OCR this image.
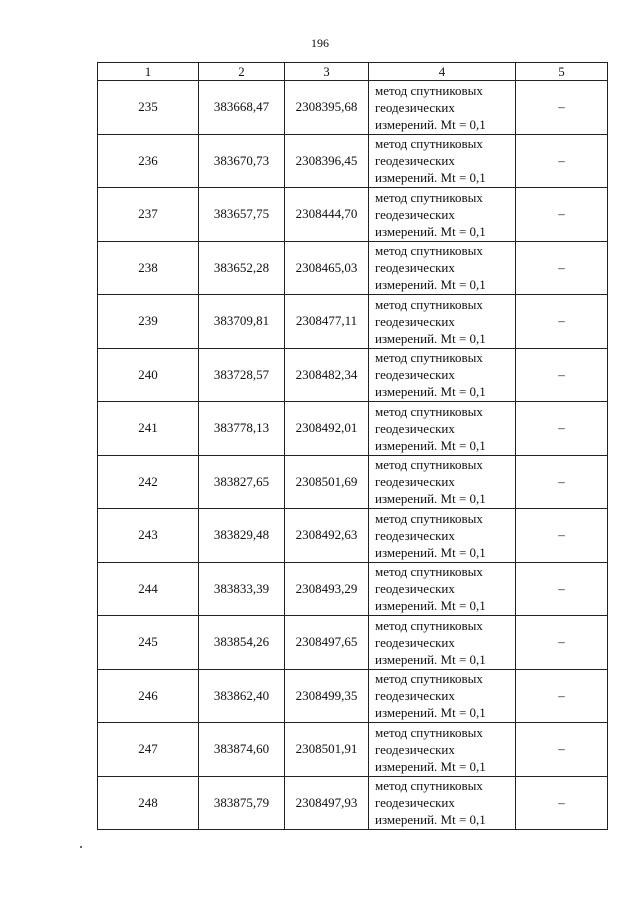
196
1	2	3	4	5
235	383668,47	2308395,68	метод спутниковых
геодезических
измерений. Mt = 0,1	–
236	383670,73	2308396,45	метод спутниковых
геодезических
измерений. Mt = 0,1	–
237	383657,75	2308444,70	метод спутниковых
геодезических
измерений. Mt = 0,1	–
238	383652,28	2308465,03	метод спутниковых
геодезических
измерений. Mt = 0,1	–
239	383709,81	2308477,11	метод спутниковых
геодезических
измерений. Mt = 0,1	–
240	383728,57	2308482,34	метод спутниковых
геодезических
измерений. Mt = 0,1	–
241	383778,13	2308492,01	метод спутниковых
геодезических
измерений. Mt = 0,1	–
242	383827,65	2308501,69	метод спутниковых
геодезических
измерений. Mt = 0,1	–
243	383829,48	2308492,63	метод спутниковых
геодезических
измерений. Mt = 0,1	–
244	383833,39	2308493,29	метод спутниковых
геодезических
измерений. Mt = 0,1	–
245	383854,26	2308497,65	метод спутниковых
геодезических
измерений. Mt = 0,1	–
246	383862,40	2308499,35	метод спутниковых
геодезических
измерений. Mt = 0,1	–
247	383874,60	2308501,91	метод спутниковых
геодезических
измерений. Mt = 0,1	–
248	383875,79	2308497,93	метод спутниковых
геодезических
измерений. Mt = 0,1	–
